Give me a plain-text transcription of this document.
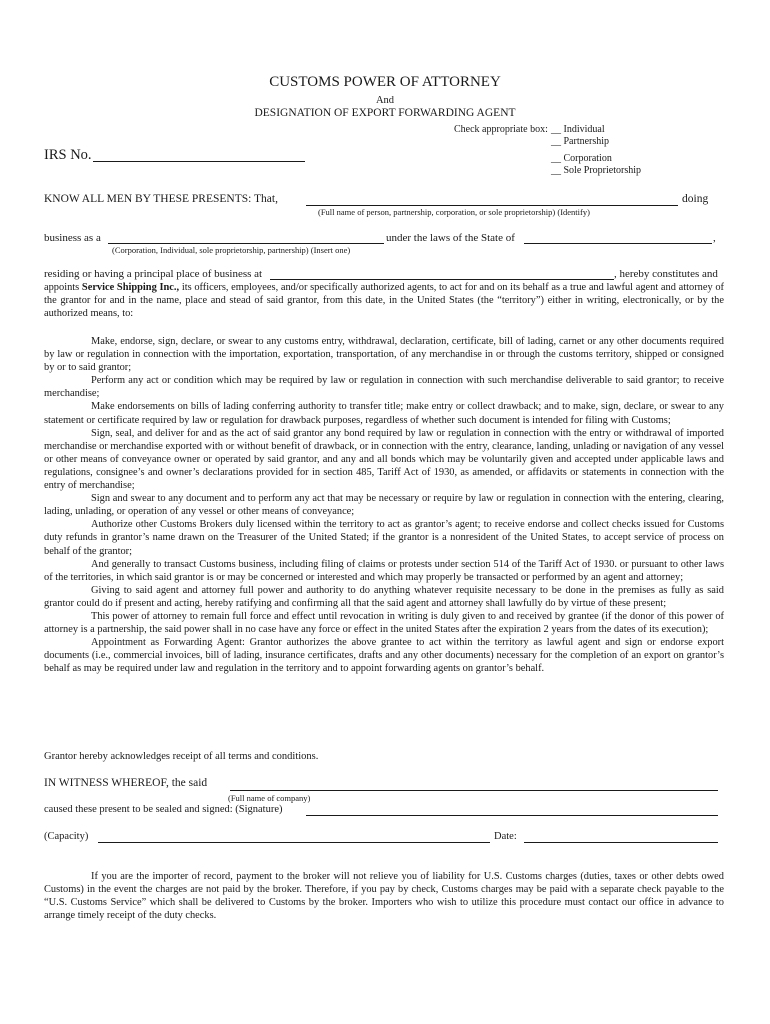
CUSTOMS POWER OF ATTORNEY
And
DESIGNATION OF EXPORT FORWARDING AGENT
Check appropriate box: __ Individual
__ Partnership
__ Corporation
__ Sole Proprietorship
IRS No.
KNOW ALL MEN BY THESE PRESENTS: That,	doing
(Full name of person, partnership, corporation, or sole proprietorship) (Identify)
business as a	under the laws of the State of	,
(Corporation, Individual, sole proprietorship, partnership) (Insert one)
residing or having a principal place of business at	, hereby constitutes and

appoints Service Shipping Inc., its officers, employees, and/or specifically authorized agents, to act for and on its behalf as a true and lawful agent and attorney of the grantor for and in the name, place and stead of said grantor, from this date, in the United States (the “territory”) either in writing, electronically, or by the authorized means, to:

Make, endorse, sign, declare, or swear to any customs entry, withdrawal, declaration, certificate, bill of lading, carnet or any other documents required by law or regulation in connection with the importation, exportation, transportation, of any merchandise in or through the customs territory, shipped or consigned by or to said grantor;

Perform any act or condition which may be required by law or regulation in connection with such merchandise deliverable to said grantor; to receive merchandise;

Make endorsements on bills of lading conferring authority to transfer title; make entry or collect drawback; and to make, sign, declare, or swear to any statement or certificate required by law or regulation for drawback purposes, regardless of whether such document is intended for filing with Customs;

Sign, seal, and deliver for and as the act of said grantor any bond required by law or regulation in connection with the entry or withdrawal of imported merchandise or merchandise exported with or without benefit of drawback, or in connection with the entry, clearance, landing, unlading or navigation of any vessel or other means of conveyance owner or operated by said grantor, and any and all bonds which may be voluntarily given and accepted under applicable laws and regulations, consignee’s and owner’s declarations provided for in section 485, Tariff Act of 1930, as amended, or affidavits or statements in connection with the entry of merchandise;

Sign and swear to any document and to perform any act that may be necessary or require by law or regulation in connection with the entering, clearing, lading, unlading, or operation of any vessel or other means of conveyance;

Authorize other Customs Brokers duly licensed within the territory to act as grantor’s agent; to receive endorse and collect checks issued for Customs duty refunds in grantor’s name drawn on the Treasurer of the United Stated; if the grantor is a nonresident of the United States, to accept service of process on behalf of the grantor;

And generally to transact Customs business, including filing of claims or protests under section 514 of the Tariff Act of 1930. or pursuant to other laws of the territories, in which said grantor is or may be concerned or interested and which may properly be transacted or performed by an agent and attorney;

Giving to said agent and attorney full power and authority to do anything whatever requisite necessary to be done in the premises as fully as said grantor could do if present and acting, hereby ratifying and confirming all that the said agent and attorney shall lawfully do by virtue of these present;

This power of attorney to remain full force and effect until revocation in writing is duly given to and received by grantee (if the donor of this power of attorney is a partnership, the said power shall in no case have any force or effect in the united States after the expiration 2 years from the dates of its execution);

Appointment as Forwarding Agent: Grantor authorizes the above grantee to act within the territory as lawful agent and sign or endorse export documents (i.e., commercial invoices, bill of lading, insurance certificates, drafts and any other documents) necessary for the completion of an export on grantor’s behalf as may be required under law and regulation in the territory and to appoint forwarding agents on grantor’s behalf.

Grantor hereby acknowledges receipt of all terms and conditions.
IN WITNESS WHEREOF, the said
(Full name of company)
caused these present to be sealed and signed: (Signature)
(Capacity)	Date:

If you are the importer of record, payment to the broker will not relieve you of liability for U.S. Customs charges (duties, taxes or other debts owed Customs) in the event the charges are not paid by the broker. Therefore, if you pay by check, Customs charges may be paid with a separate check payable to the “U.S. Customs Service” which shall be delivered to Customs by the broker. Importers who wish to utilize this procedure must contact our office in advance to arrange timely receipt of the duty checks.
